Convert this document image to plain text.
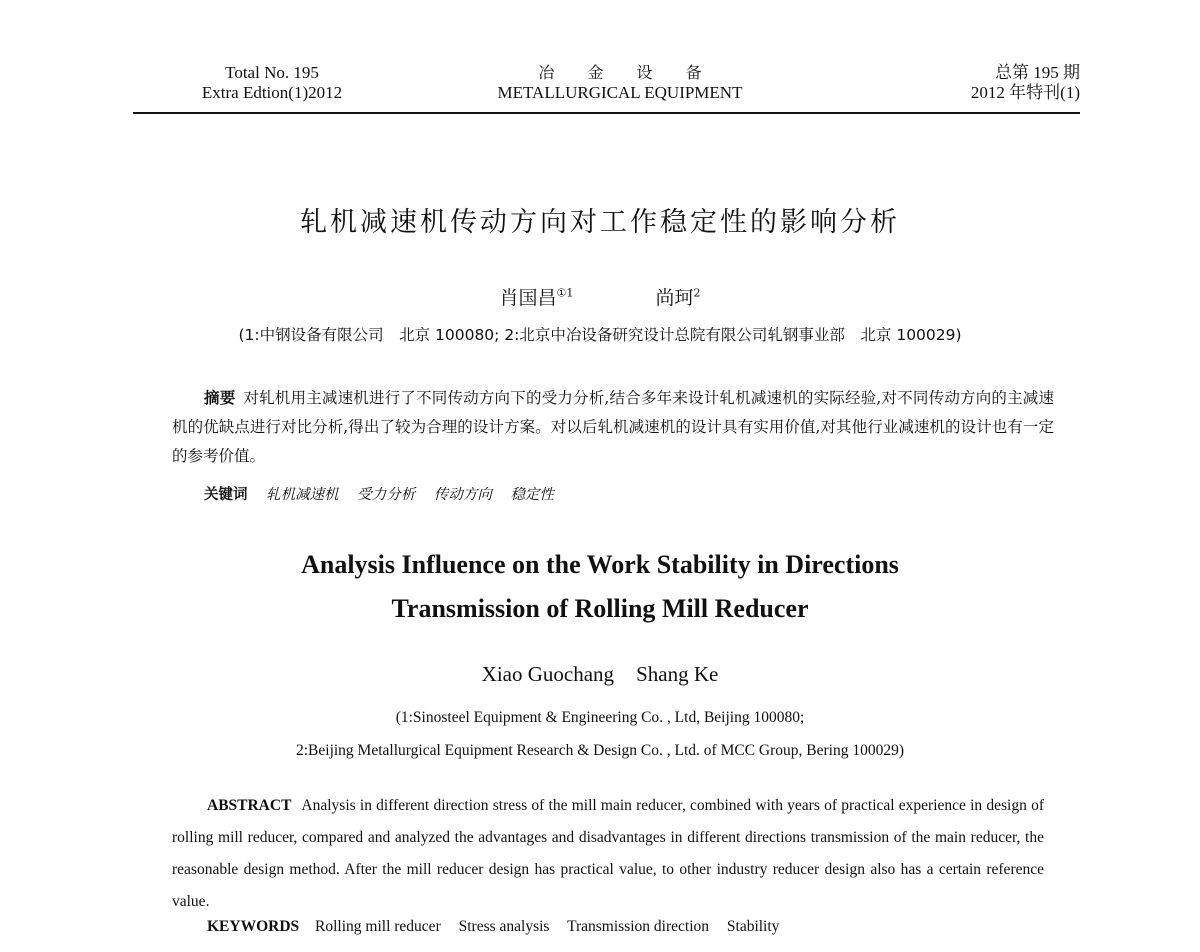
Total No. 195
Extra Edtion(1)2012
冶 金 设 备
METALLURGICAL EQUIPMENT
总第 195 期
2012 年特刊(1)
轧机减速机传动方向对工作稳定性的影响分析
肖国昌$^{①1}$	尚珂$^2$
(1:中钢设备有限公司　北京 100080; 2:北京中冶设备研究设计总院有限公司轧钢事业部　北京 100029)
摘要 对轧机用主减速机进行了不同传动方向下的受力分析,结合多年来设计轧机减速机的实际经验,对不同传动方向的主减速机的优缺点进行对比分析,得出了较为合理的设计方案。对以后轧机减速机的设计具有实用价值,对其他行业减速机的设计也有一定的参考价值。
关键词 轧机减速机 受力分析 传动方向 稳定性
Analysis Influence on the Work Stability in Directions
Transmission of Rolling Mill Reducer
Xiao Guochang Shang Ke
(1:Sinosteel Equipment & Engineering Co. , Ltd, Beijing 100080;
2:Beijing Metallurgical Equipment Research & Design Co. , Ltd. of MCC Group, Bering 100029)
ABSTRACT Analysis in different direction stress of the mill main reducer, combined with years of practical experience in design of rolling mill reducer, compared and analyzed the advantages and disadvantages in different directions transmission of the main reducer, the reasonable design method. After the mill reducer design has practical value, to other industry reducer design also has a certain reference value.
KEYWORDS Rolling mill reducer Stress analysis Transmission direction Stability
